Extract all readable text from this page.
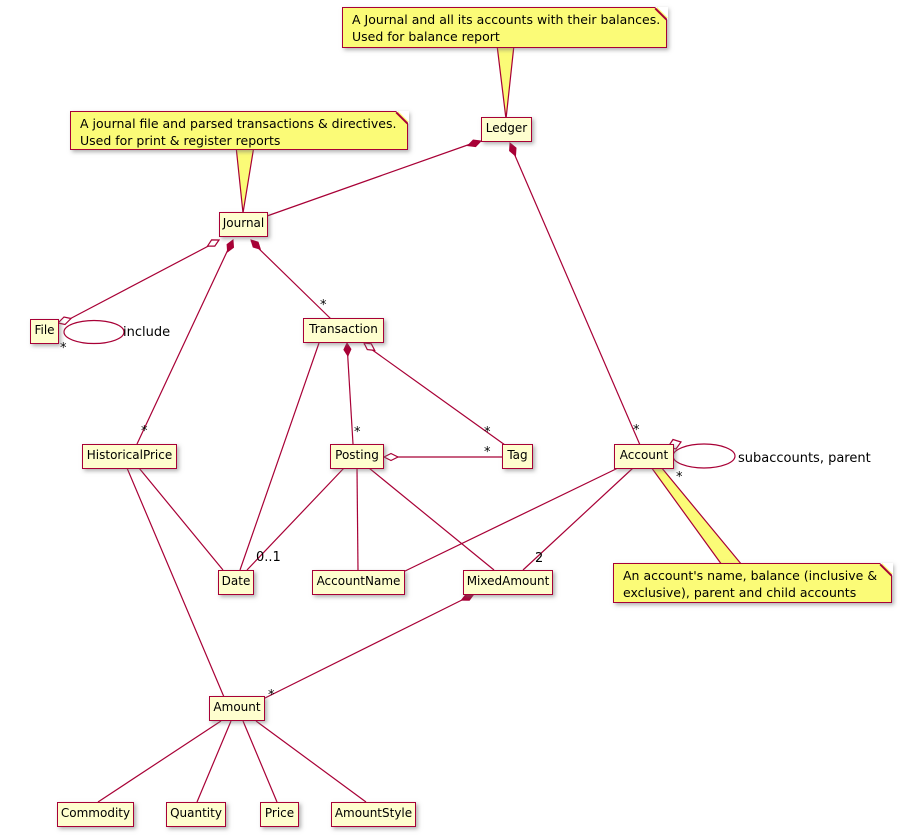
*
*
*
*	*
*
*
*
*
0..1	2
include
subaccounts, parent
A Journal and all its accounts with their balances.
Used for balance report
A journal file and parsed transactions & directives.
Used for print & register reports
An account's name, balance (inclusive &
exclusive), parent and child accounts
Ledger
Journal
File	Transaction
HistoricalPrice	Posting	Tag	Account
Date	AccountName	MixedAmount
Amount
Commodity	Quantity	Price	AmountStyle
